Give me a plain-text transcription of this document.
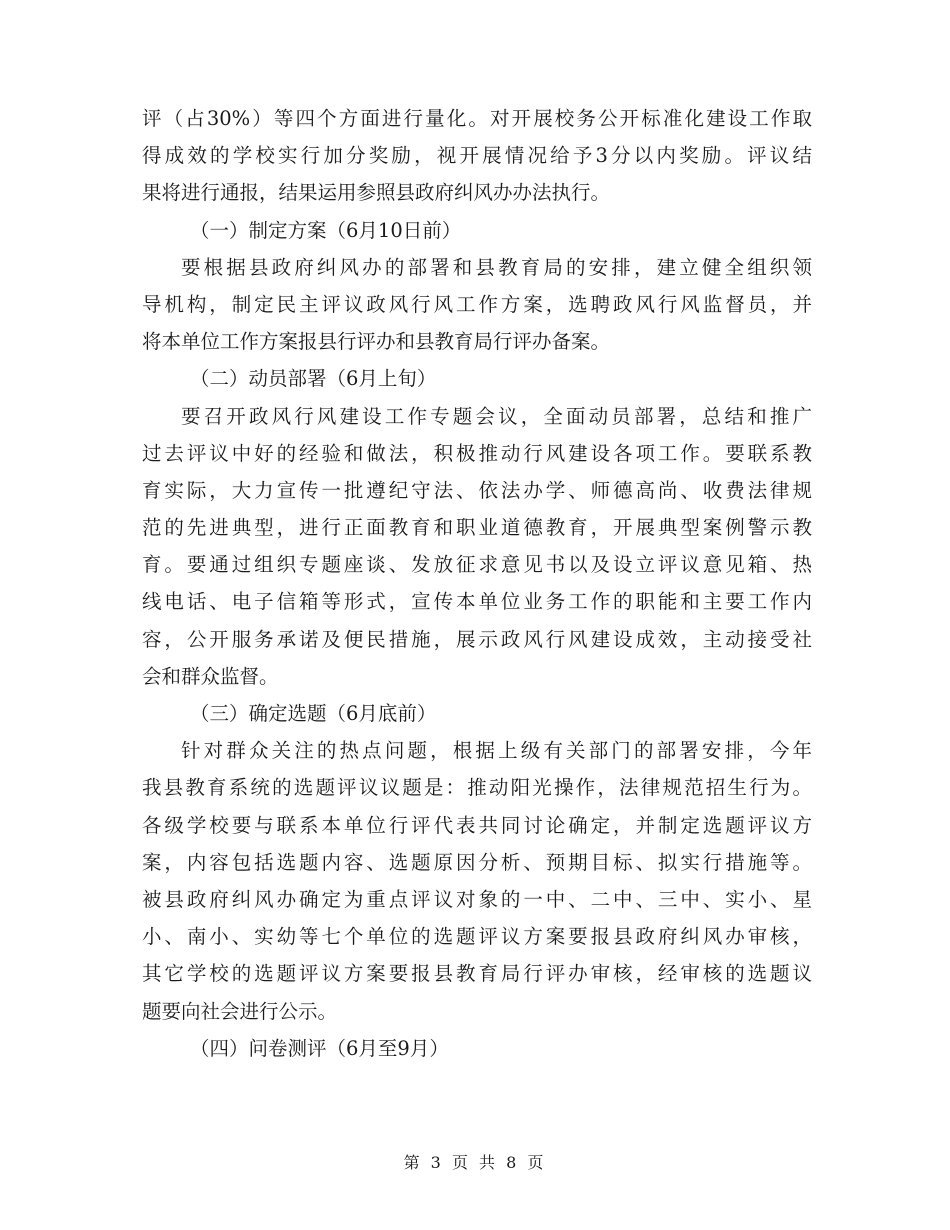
评（占30%）等四个方面进行量化。对开展校务公开标准化建设工作取
得成效的学校实行加分奖励，视开展情况给予3分以内奖励。评议结
果将进行通报，结果运用参照县政府纠风办办法执行。
（一）制定方案（6月10日前）
要根据县政府纠风办的部署和县教育局的安排，建立健全组织领
导机构，制定民主评议政风行风工作方案，选聘政风行风监督员，并
将本单位工作方案报县行评办和县教育局行评办备案。
（二）动员部署（6月上旬）
要召开政风行风建设工作专题会议，全面动员部署，总结和推广
过去评议中好的经验和做法，积极推动行风建设各项工作。要联系教
育实际，大力宣传一批遵纪守法、依法办学、师德高尚、收费法律规
范的先进典型，进行正面教育和职业道德教育，开展典型案例警示教
育。要通过组织专题座谈、发放征求意见书以及设立评议意见箱、热
线电话、电子信箱等形式，宣传本单位业务工作的职能和主要工作内
容，公开服务承诺及便民措施，展示政风行风建设成效，主动接受社
会和群众监督。
（三）确定选题（6月底前）
针对群众关注的热点问题，根据上级有关部门的部署安排，今年
我县教育系统的选题评议议题是：推动阳光操作，法律规范招生行为。
各级学校要与联系本单位行评代表共同讨论确定，并制定选题评议方
案，内容包括选题内容、选题原因分析、预期目标、拟实行措施等。
被县政府纠风办确定为重点评议对象的一中、二中、三中、实小、星
小、南小、实幼等七个单位的选题评议方案要报县政府纠风办审核，
其它学校的选题评议方案要报县教育局行评办审核，经审核的选题议
题要向社会进行公示。
（四）问卷测评（6月至9月）
第 3 页 共 8 页
